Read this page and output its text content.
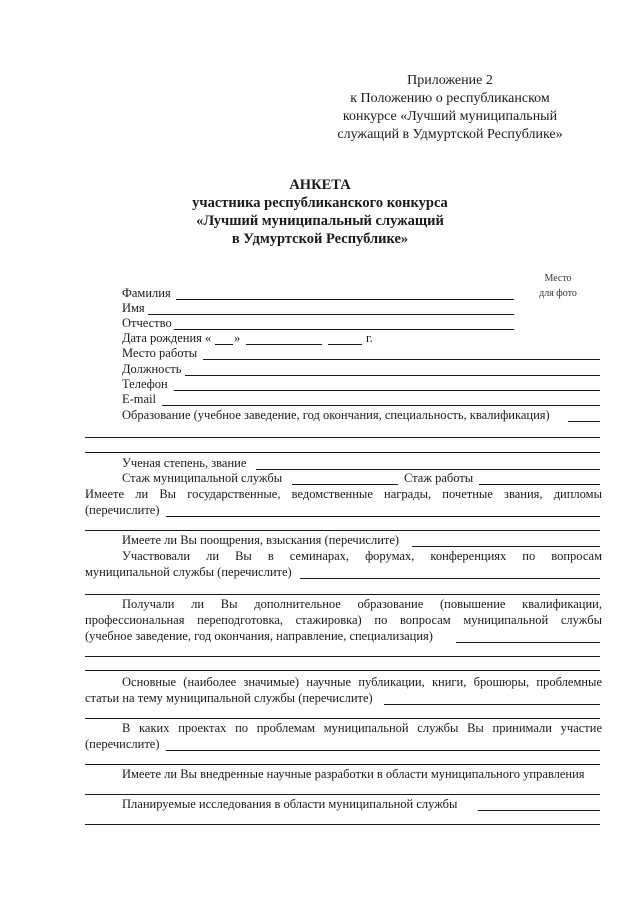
Приложение 2
к Положению о республиканском
конкурсе «Лучший муниципальный
служащий в Удмуртской Республике»
АНКЕТА
участника республиканского конкурса
«Лучший муниципальный служащий
в Удмуртской Республике»
Место
для фото
Фамилия
Имя
Отчество
Дата рождения « »	г.
Место работы
Должность
Телефон
E-mail
Образование (учебное заведение, год окончания, специальность, квалификация)
Ученая степень, звание
Стаж муниципальной службы	Стаж работы
Имеете ли Вы государственные, ведомственные награды, почетные звания, дипломы
(перечислите)
Имеете ли Вы поощрения, взыскания (перечислите)
Участвовали ли Вы в семинарах, форумах, конференциях по вопросам
муниципальной службы (перечислите)
Получали ли Вы дополнительное образование (повышение квалификации,
профессиональная переподготовка, стажировка) по вопросам муниципальной службы
(учебное заведение, год окончания, направление, специализация)
Основные (наиболее значимые) научные публикации, книги, брошюры, проблемные
статьи на тему муниципальной службы (перечислите)
В каких проектах по проблемам муниципальной службы Вы принимали участие
(перечислите)
Имеете ли Вы внедренные научные разработки в области муниципального управления
Планируемые исследования в области муниципальной службы
